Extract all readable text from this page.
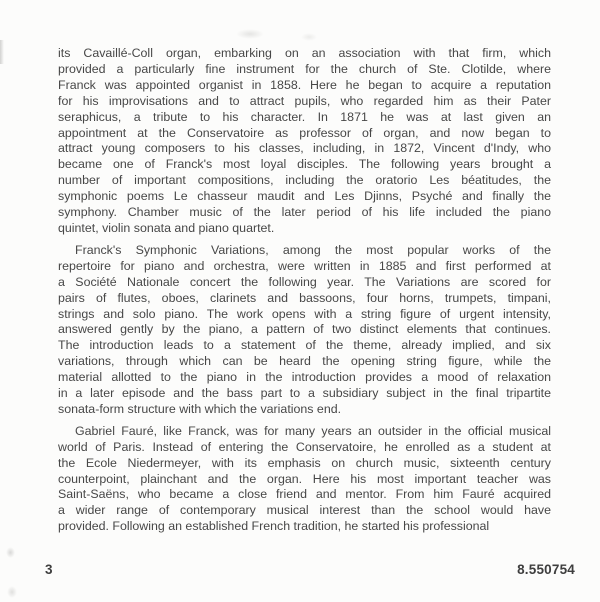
its Cavaillé-Coll organ, embarking on an association with that firm, which
provided a particularly fine instrument for the church of Ste. Clotilde, where
Franck was appointed organist in 1858. Here he began to acquire a reputation
for his improvisations and to attract pupils, who regarded him as their Pater
seraphicus, a tribute to his character. In 1871 he was at last given an
appointment at the Conservatoire as professor of organ, and now began to
attract young composers to his classes, including, in 1872, Vincent d'Indy, who
became one of Franck's most loyal disciples. The following years brought a
number of important compositions, including the oratorio Les béatitudes, the
symphonic poems Le chasseur maudit and Les Djinns, Psyché and finally the
symphony. Chamber music of the later period of his life included the piano
quintet, violin sonata and piano quartet.
Franck's Symphonic Variations, among the most popular works of the
repertoire for piano and orchestra, were written in 1885 and first performed at
a Société Nationale concert the following year. The Variations are scored for
pairs of flutes, oboes, clarinets and bassoons, four horns, trumpets, timpani,
strings and solo piano. The work opens with a string figure of urgent intensity,
answered gently by the piano, a pattern of two distinct elements that continues.
The introduction leads to a statement of the theme, already implied, and six
variations, through which can be heard the opening string figure, while the
material allotted to the piano in the introduction provides a mood of relaxation
in a later episode and the bass part to a subsidiary subject in the final tripartite
sonata-form structure with which the variations end.
Gabriel Fauré, like Franck, was for many years an outsider in the official musical
world of Paris. Instead of entering the Conservatoire, he enrolled as a student at
the Ecole Niedermeyer, with its emphasis on church music, sixteenth century
counterpoint, plainchant and the organ. Here his most important teacher was
Saint-Saëns, who became a close friend and mentor. From him Fauré acquired
a wider range of contemporary musical interest than the school would have
provided. Following an established French tradition, he started his professional
3	8.550754
